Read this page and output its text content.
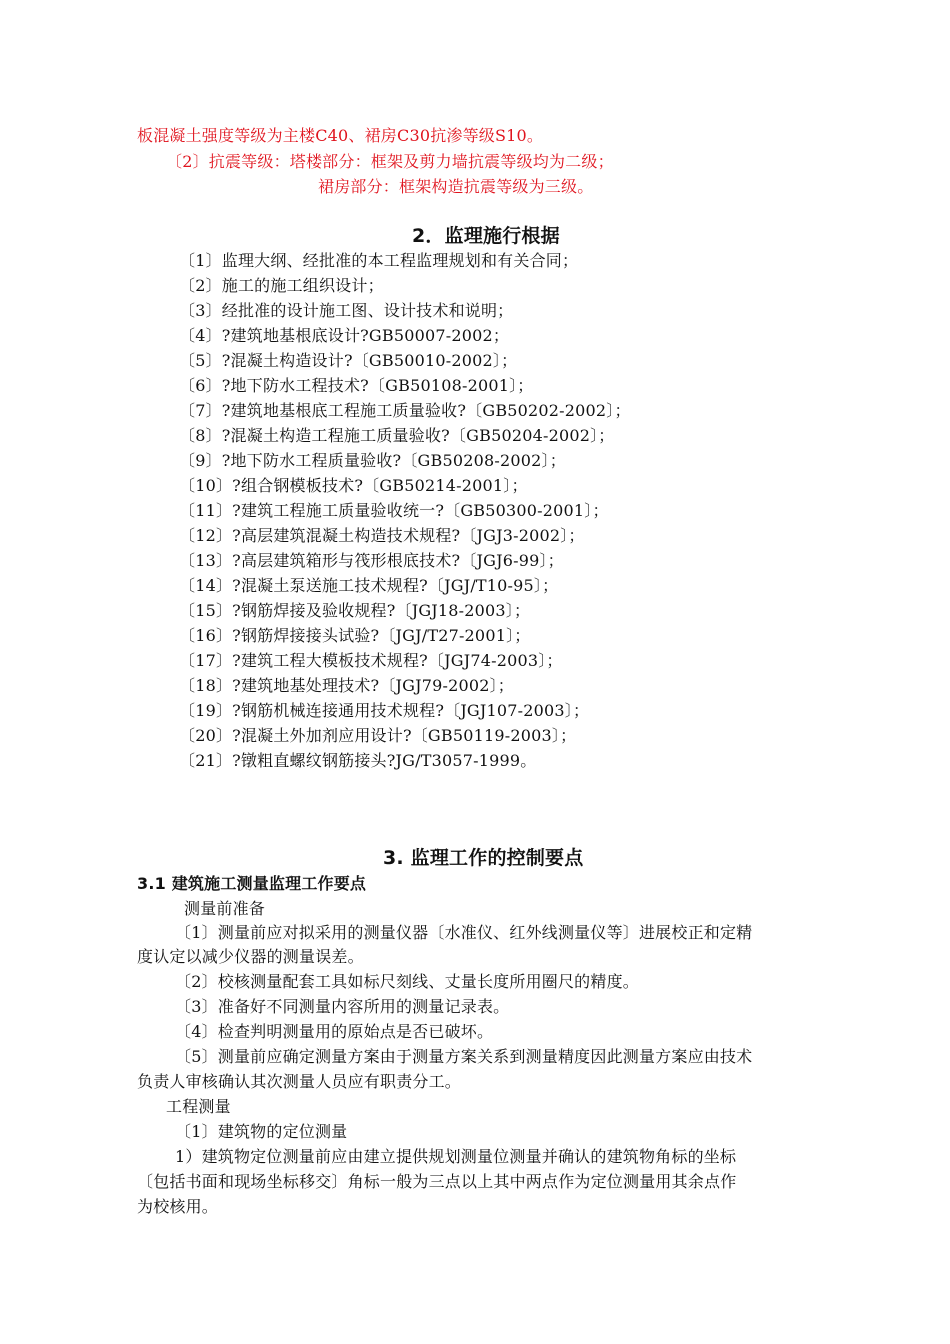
板混凝土强度等级为主楼C40、裙房C30抗渗等级S10。
〔2〕抗震等级：塔楼部分：框架及剪力墙抗震等级均为二级；
裙房部分：框架构造抗震等级为三级。
2．监理施行根据
〔1〕监理大纲、经批准的本工程监理规划和有关合同；
〔2〕施工的施工组织设计；
〔3〕经批准的设计施工图、设计技术和说明；
〔4〕?建筑地基根底设计?GB50007-2002；
〔5〕?混凝土构造设计?〔GB50010-2002〕；
〔6〕?地下防水工程技术?〔GB50108-2001〕；
〔7〕?建筑地基根底工程施工质量验收?〔GB50202-2002〕；
〔8〕?混凝土构造工程施工质量验收?〔GB50204-2002〕；
〔9〕?地下防水工程质量验收?〔GB50208-2002〕；
〔10〕?组合钢模板技术?〔GB50214-2001〕；
〔11〕?建筑工程施工质量验收统一?〔GB50300-2001〕；
〔12〕?高层建筑混凝土构造技术规程?〔JGJ3-2002〕；
〔13〕?高层建筑箱形与筏形根底技术?〔JGJ6-99〕；
〔14〕?混凝土泵送施工技术规程?〔JGJ/T10-95〕；
〔15〕?钢筋焊接及验收规程?〔JGJ18-2003〕；
〔16〕?钢筋焊接接头试验?〔JGJ/T27-2001〕；
〔17〕?建筑工程大模板技术规程?〔JGJ74-2003〕；
〔18〕?建筑地基处理技术?〔JGJ79-2002〕；
〔19〕?钢筋机械连接通用技术规程?〔JGJ107-2003〕；
〔20〕?混凝土外加剂应用设计?〔GB50119-2003〕；
〔21〕?镦粗直螺纹钢筋接头?JG/T3057-1999。
3. 监理工作的控制要点
3.1 建筑施工测量监理工作要点
测量前准备
〔1〕测量前应对拟采用的测量仪器〔水准仪、红外线测量仪等〕进展校正和定精
度认定以减少仪器的测量误差。
〔2〕校核测量配套工具如标尺刻线、丈量长度所用圈尺的精度。
〔3〕准备好不同测量内容所用的测量记录表。
〔4〕检查判明测量用的原始点是否已破坏。
〔5〕测量前应确定测量方案由于测量方案关系到测量精度因此测量方案应由技术
负责人审核确认其次测量人员应有职责分工。
工程测量
〔1〕建筑物的定位测量
1）建筑物定位测量前应由建立提供规划测量位测量并确认的建筑物角标的坐标
〔包括书面和现场坐标移交〕角标一般为三点以上其中两点作为定位测量用其余点作
为校核用。
